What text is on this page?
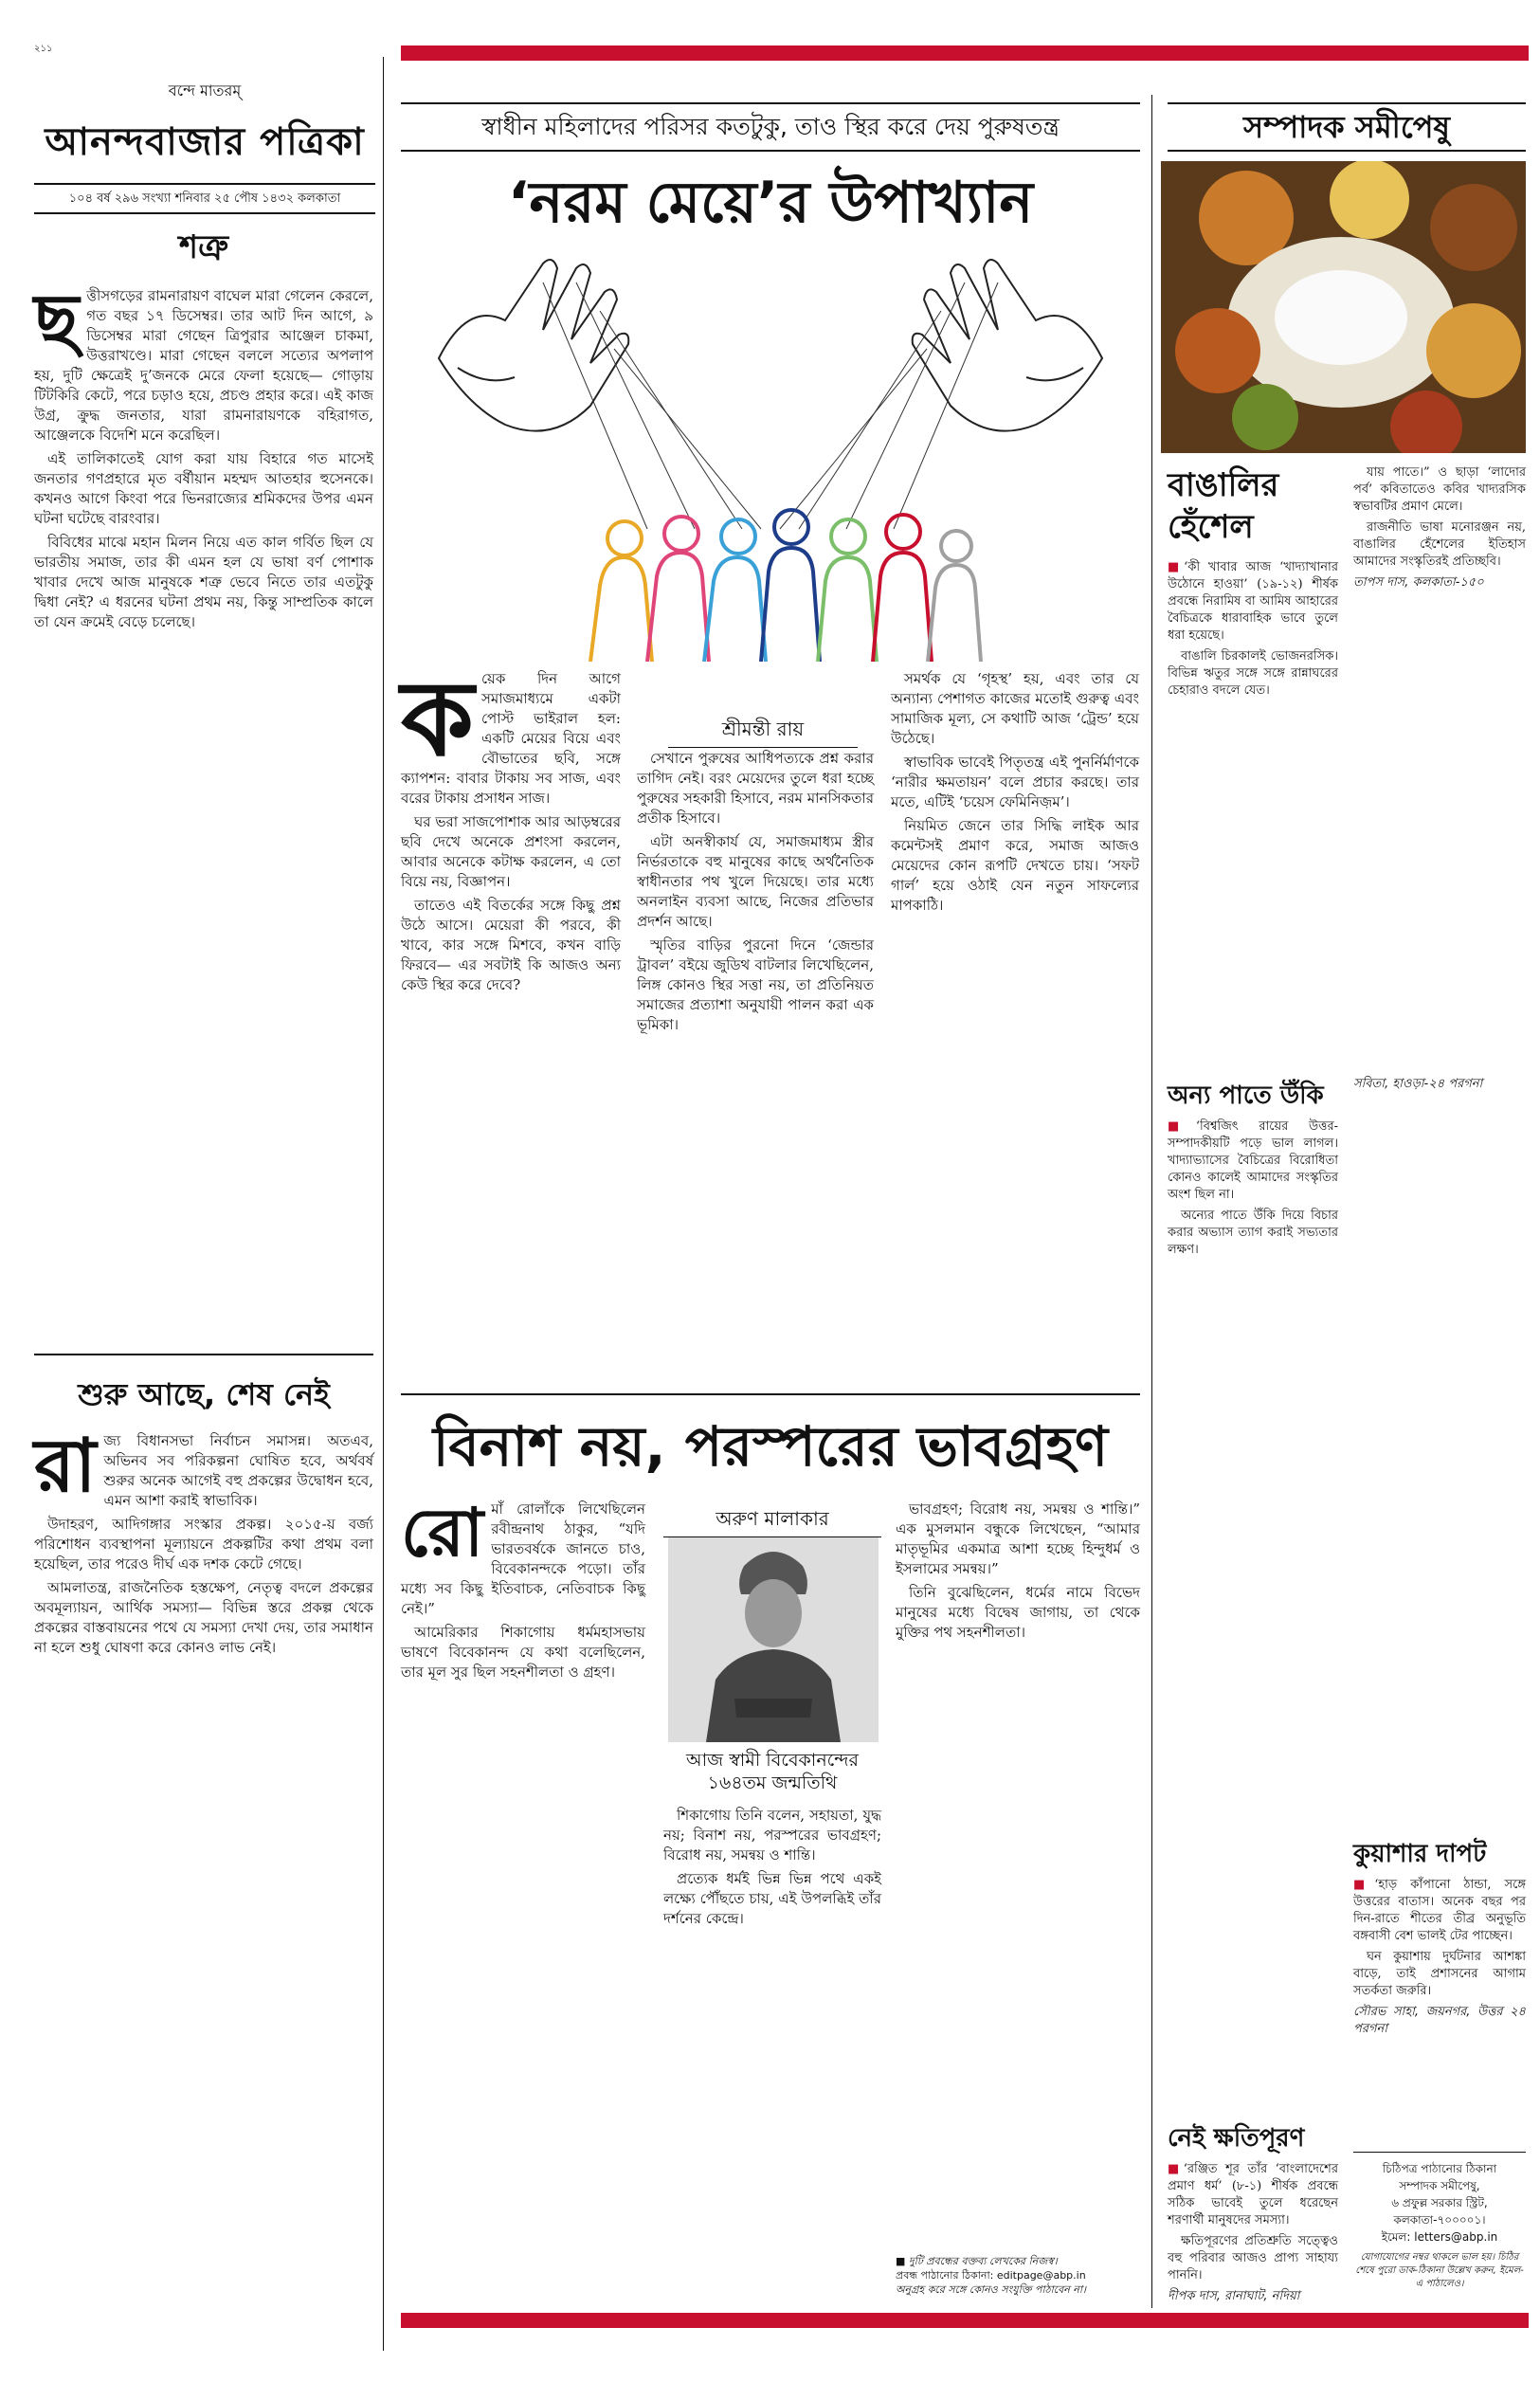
২১১
বন্দে মাতরম্
আনন্দবাজার পত্রিকা
১০৪ বর্ষ ২৯৬ সংখ্যা শনিবার ২৫ পৌষ ১৪৩২ কলকাতা
শত্রু
ছ ত্তীসগড়ের রামনারায়ণ বাঘেল মারা গেলেন কেরলে, গত বছর ১৭ ডিসেম্বর। তার আট দিন আগে, ৯ ডিসেম্বর মারা গেছেন ত্রিপুরার আঞ্জেল চাকমা, উত্তরাখণ্ডে। মারা গেছেন বললে সত্যের অপলাপ হয়, দুটি ক্ষেত্রেই দু’জনকে মেরে ফেলা হয়েছে— গোড়ায় টিটকিরি কেটে, পরে চড়াও হয়ে, প্রচণ্ড প্রহার করে। এই কাজ উগ্র, ক্রুদ্ধ জনতার, যারা রামনারায়ণকে বহিরাগত, আঞ্জেলকে বিদেশি মনে করেছিল।

এই তালিকাতেই যোগ করা যায় বিহারে গত মাসেই জনতার গণপ্রহারে মৃত বর্ষীয়ান মহম্মদ আতহার হুসেনকে। কখনও আগে কিংবা পরে ভিনরাজ্যের শ্রমিকদের উপর এমন ঘটনা ঘটেছে বারংবার।

বিবিধের মাঝে মহান মিলন নিয়ে এত কাল গর্বিত ছিল যে ভারতীয় সমাজ, তার কী এমন হল যে ভাষা বর্ণ পোশাক খাবার দেখে আজ মানুষকে শত্রু ভেবে নিতে তার এতটুকু দ্বিধা নেই? এ ধরনের ঘটনা প্রথম নয়, কিন্তু সাম্প্রতিক কালে তা যেন ক্রমেই বেড়ে চলেছে।

শুরু আছে, শেষ নেই
রা জ্য বিধানসভা নির্বাচন সমাসন্ন। অতএব, অভিনব সব পরিকল্পনা ঘোষিত হবে, অর্থবর্ষ শুরুর অনেক আগেই বহু প্রকল্পের উদ্বোধন হবে, এমন আশা করাই স্বাভাবিক।

উদাহরণ, আদিগঙ্গার সংস্কার প্রকল্প। ২০১৫-য় বর্জ্য পরিশোধন ব্যবস্থাপনা মূল্যায়নে প্রকল্পটির কথা প্রথম বলা হয়েছিল, তার পরেও দীর্ঘ এক দশক কেটে গেছে।

আমলাতন্ত্র, রাজনৈতিক হস্তক্ষেপ, নেতৃত্ব বদলে প্রকল্পের অবমূল্যায়ন, আর্থিক সমস্যা— বিভিন্ন স্তরে প্রকল্প থেকে প্রকল্পের বাস্তবায়নের পথে যে সমস্যা দেখা দেয়, তার সমাধান না হলে শুধু ঘোষণা করে কোনও লাভ নেই।

স্বাধীন মহিলাদের পরিসর কতটুকু, তাও স্থির করে দেয় পুরুষতন্ত্র
‘নরম মেয়ে’র উপাখ্যান
শ্রীমন্তী রায়
ক য়েক দিন আগে সমাজমাধ্যমে একটা পোস্ট ভাইরাল হল: একটি মেয়ের বিয়ে এবং বৌভাতের ছবি, সঙ্গে ক্যাপশন: বাবার টাকায় সব সাজ, এবং বরের টাকায় প্রসাধন সাজ।

ঘর ভরা সাজপোশাক আর আড়ম্বরের ছবি দেখে অনেকে প্রশংসা করলেন, আবার অনেকে কটাক্ষ করলেন, এ তো বিয়ে নয়, বিজ্ঞাপন।

তাতেও এই বিতর্কের সঙ্গে কিছু প্রশ্ন উঠে আসে। মেয়েরা কী পরবে, কী খাবে, কার সঙ্গে মিশবে, কখন বাড়ি ফিরবে— এর সবটাই কি আজও অন্য কেউ স্থির করে দেবে?

সেখানে পুরুষের আধিপত্যকে প্রশ্ন করার তাগিদ নেই। বরং মেয়েদের তুলে ধরা হচ্ছে পুরুষের সহকারী হিসাবে, নরম মানসিকতার প্রতীক হিসাবে।

এটা অনস্বীকার্য যে, সমাজমাধ্যম স্ত্রীর নির্ভরতাকে বহু মানুষের কাছে অর্থনৈতিক স্বাধীনতার পথ খুলে দিয়েছে। তার মধ্যে অনলাইন ব্যবসা আছে, নিজের প্রতিভার প্রদর্শন আছে।

স্মৃতির বাড়ির পুরনো দিনে ‘জেন্ডার ট্রাবল’ বইয়ে জুডিথ বাটলার লিখেছিলেন, লিঙ্গ কোনও স্থির সত্তা নয়, তা প্রতিনিয়ত সমাজের প্রত্যাশা অনুযায়ী পালন করা এক ভূমিকা।

সমর্থক যে ‘গৃহস্থ’ হয়, এবং তার যে অন্যান্য পেশাগত কাজের মতোই গুরুত্ব এবং সামাজিক মূল্য, সে কথাটি আজ ‘ট্রেন্ড’ হয়ে উঠেছে।

স্বাভাবিক ভাবেই পিতৃতন্ত্র এই পুনর্নির্মাণকে ‘নারীর ক্ষমতায়ন’ বলে প্রচার করছে। তার মতে, এটিই ‘চয়েস ফেমিনিজ়ম’।

নিয়মিত জেনে তার সিদ্ধি লাইক আর কমেন্টসই প্রমাণ করে, সমাজ আজও মেয়েদের কোন রূপটি দেখতে চায়। ‘সফট গার্ল’ হয়ে ওঠাই যেন নতুন সাফল্যের মাপকাঠি।

বিনাশ নয়, পরস্পরের ভাবগ্রহণ
রো মাঁ রোলাঁকে লিখেছিলেন রবীন্দ্রনাথ ঠাকুর, “যদি ভারতবর্ষকে জানতে চাও, বিবেকানন্দকে পড়ো। তাঁর মধ্যে সব কিছু ইতিবাচক, নেতিবাচক কিছু নেই।”

আমেরিকার শিকাগোয় ধর্মমহাসভায় ভাষণে বিবেকানন্দ যে কথা বলেছিলেন, তার মূল সুর ছিল সহনশীলতা ও গ্রহণ।

অরুণ মালাকার
আজ স্বামী বিবেকানন্দের
১৬৪তম জন্মতিথি

শিকাগোয় তিনি বলেন, সহায়তা, যুদ্ধ নয়; বিনাশ নয়, পরস্পরের ভাবগ্রহণ; বিরোধ নয়, সমন্বয় ও শান্তি।

প্রত্যেক ধর্মই ভিন্ন ভিন্ন পথে একই লক্ষ্যে পৌঁছতে চায়, এই উপলব্ধিই তাঁর দর্শনের কেন্দ্রে।

ভাবগ্রহণ; বিরোধ নয়, সমন্বয় ও শান্তি।” এক মুসলমান বন্ধুকে লিখেছেন, “আমার মাতৃভূমির একমাত্র আশা হচ্ছে হিন্দুধর্ম ও ইসলামের সমন্বয়।”

তিনি বুঝেছিলেন, ধর্মের নামে বিভেদ মানুষের মধ্যে বিদ্বেষ জাগায়, তা থেকে মুক্তির পথ সহনশীলতা।

■ দুটি প্রবন্ধের বক্তব্য লেখকের নিজস্ব।
প্রবন্ধ পাঠানোর ঠিকানা: editpage@abp.in
অনুগ্রহ করে সঙ্গে কোনও সংযুক্তি পাঠাবেন না।
সম্পাদক সমীপেষু
বাঙালির
হেঁশেল

■ ‘কী খাবার আজ ‘খাদ্যাখানার উঠোনে হাওয়া’ (১৯-১২) শীর্ষক প্রবন্ধে নিরামিষ বা আমিষ আহারের বৈচিত্রকে ধারাবাহিক ভাবে তুলে ধরা হয়েছে।

বাঙালি চিরকালই ভোজনরসিক। বিভিন্ন ঋতুর সঙ্গে সঙ্গে রান্নাঘরের চেহারাও বদলে যেত।

যায় পাতে।” ও ছাড়া ‘লাদোর পর্ব’ কবিতাতেও কবির খাদ্যরসিক স্বভাবটির প্রমাণ মেলে।

রাজনীতি ভাষা মনোরঞ্জন নয়, বাঙালির হেঁশেলের ইতিহাস আমাদের সংস্কৃতিরই প্রতিচ্ছবি।

তাপস দাস, কলকাতা-১৫০
অন্য পাতে উঁকি

■ ‘বিশ্বজিৎ রায়ের উত্তর-সম্পাদকীয়টি পড়ে ভাল লাগল। খাদ্যাভ্যাসের বৈচিত্রের বিরোধিতা কোনও কালেই আমাদের সংস্কৃতির অংশ ছিল না।

অন্যের পাতে উঁকি দিয়ে বিচার করার অভ্যাস ত্যাগ করাই সভ্যতার লক্ষণ।

সবিতা, হাওড়া-২৪ পরগনা
কুয়াশার দাপট

■ ‘হাড় কাঁপানো ঠান্ডা, সঙ্গে উত্তরের বাতাস। অনেক বছর পর দিন-রাতে শীতের তীব্র অনুভূতি বঙ্গবাসী বেশ ভালই টের পাচ্ছেন।

ঘন কুয়াশায় দুর্ঘটনার আশঙ্কা বাড়ে, তাই প্রশাসনের আগাম সতর্কতা জরুরি।

সৌরভ সাহা, জয়নগর, উত্তর ২৪ পরগনা
নেই ক্ষতিপূরণ

■ ‘রঞ্জিত শূর তাঁর ‘বাংলাদেশের প্রমাণ ধর্ম’ (৮-১) শীর্ষক প্রবন্ধে সঠিক ভাবেই তুলে ধরেছেন শরণার্থী মানুষদের সমস্যা।

ক্ষতিপূরণের প্রতিশ্রুতি সত্ত্বেও বহু পরিবার আজও প্রাপ্য সাহায্য পাননি।

দীপক দাস, রানাঘাট, নদিয়া
চিঠিপত্র পাঠানোর ঠিকানা
সম্পাদক সমীপেষু,
৬ প্রফুল্ল সরকার স্ট্রিট,
কলকাতা-৭০০০০১।
ইমেল: letters@abp.in
যোগাযোগের নম্বর থাকলে ভাল হয়। চিঠির শেষে পুরো ডাক-ঠিকানা উল্লেখ করুন, ইমেল-এ পাঠালেও।
